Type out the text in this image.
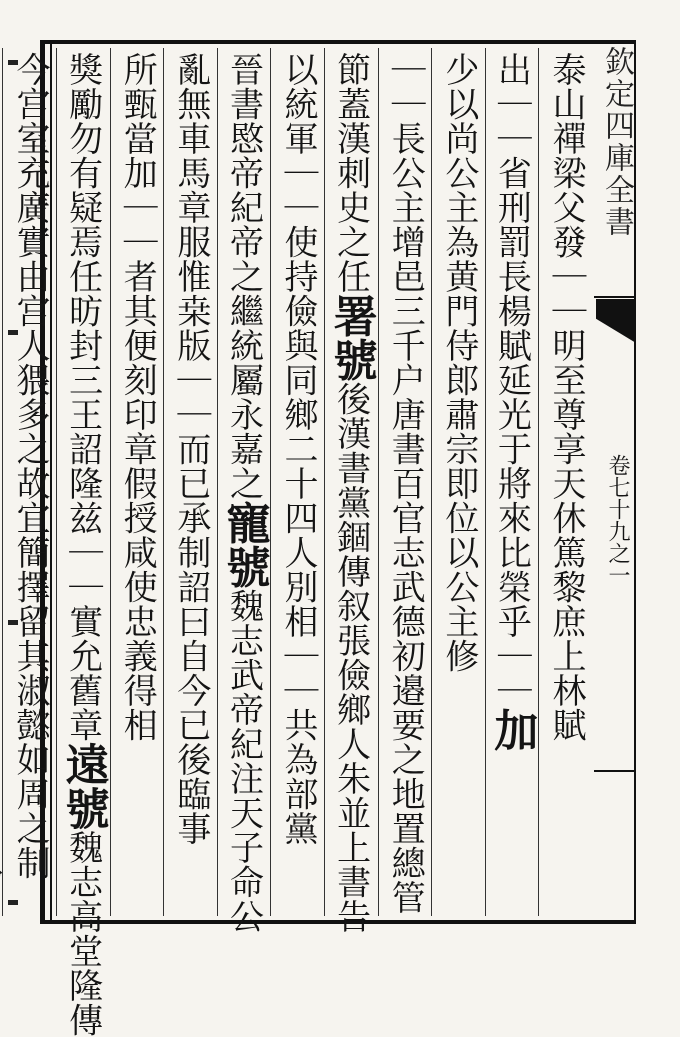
欽定四庫全書
卷七十九之一
泰山禪梁父發｜｜明至尊享天休篤黎庶上林賦
出｜｜省刑罰長楊賦延光于將來比榮乎｜｜加
少以尚公主為黄門侍郎肅宗即位以公主修
｜｜長公主增邑三千户唐書百官志武德初邉要之地置總管
節蓋漢刺史之任署號後漢書黨錮傳叙張儉鄉人朱並上書告
以統軍｜｜使持儉與同鄉二十四人別相｜｜共為部黨
晉書愍帝紀帝之繼統屬永嘉之寵號魏志武帝紀注天子命公
亂無車馬章服惟桒版｜｜而已承制詔曰自今已後臨事
所甄當加｜｜者其便刻印章假授咸使忠義得相
獎勵勿有疑焉任昉封三王詔隆兹｜｜實允舊章遠號魏志高堂隆傳
今宫室充廣實由宫人猥多之故宜簡擇留其淑懿如周之制
